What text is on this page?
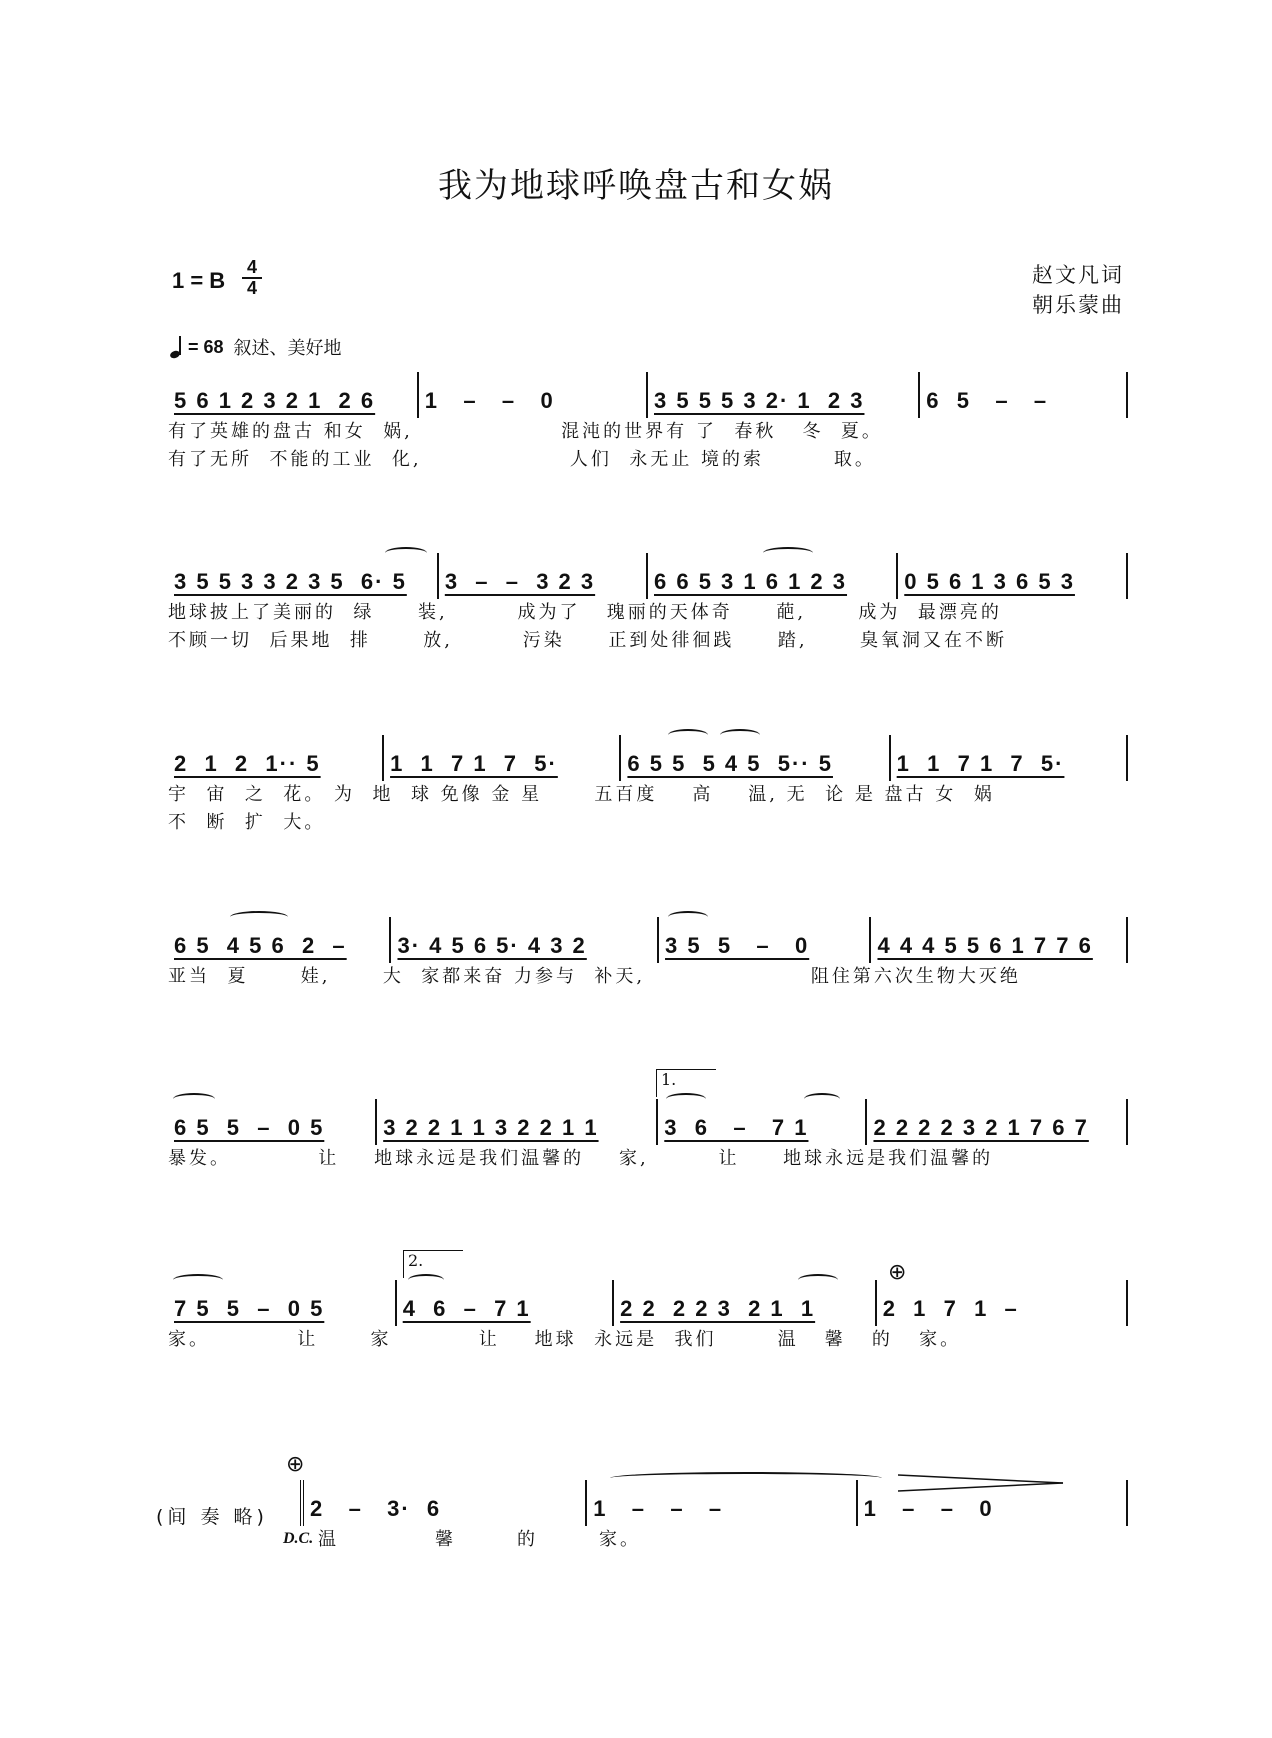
我为地球呼唤盘古和女娲
1 = B
4
4
赵文凡词
朝乐蒙曲
= 68 叙述、美好地
5 6 1 2 3 2 1  2 6 1   –   –   0	3 5 5 5 3 2· 1  2 3	6  5   –   –
有了英雄的盘古 和女  娲,                 混沌的世界有 了  春秋   冬  夏。
有了无所  不能的工业  化,                 人们  永无止 境的索        取。
3 5 5 3 3 2 3 5  6· 5 3  –  –  3 2 3	6 6 5 3 1 6 1 2 3	0 5 6 1 3 6 5 3
地球披上了美丽的  绿     装,        成为了   瑰丽的天体奇     葩,      成为  最漂亮的
不顾一切  后果地  排      放,        污染     正到处徘徊践     踏,      臭氧洞又在不断
2  1  2  1·· 5	1  1  7 1  7  5·	6 5 5  5 4 5  5·· 5	1  1  7 1  7  5·
宇  宙  之  花。 为  地  球 免像 金 星      五百度    高    温, 无  论 是 盘古 女  娲
不  断  扩  大。
6 5  4 5 6  2  – 3· 4 5 6 5· 4 3 2	3 5  5   –   0	4 4 4 5 5 6 1 7 7 6
亚当  夏      娃,      大  家都来奋 力参与  补天,                   阻住第六次生物大灭绝
1.
6 5  5  –  0 5	3 2 2 1 1 3 2 2 1 1	3  6   –   7 1	2 2 2 2 3 2 1 7 6 7
暴发。          让    地球永远是我们温馨的    家,        让     地球永远是我们温馨的
2.	⊕
7 5  5  –  0 5	4  6  –  7 1	2 2  2 2 3  2 1  1	2  1  7  1  –
家。          让      家          让    地球  永远是  我们       温   馨   的   家。
(间 奏 略)
⊕
D.C.
2   –   3·  6	1   –   –   –	1   –   –   0
温           馨       的       家。
